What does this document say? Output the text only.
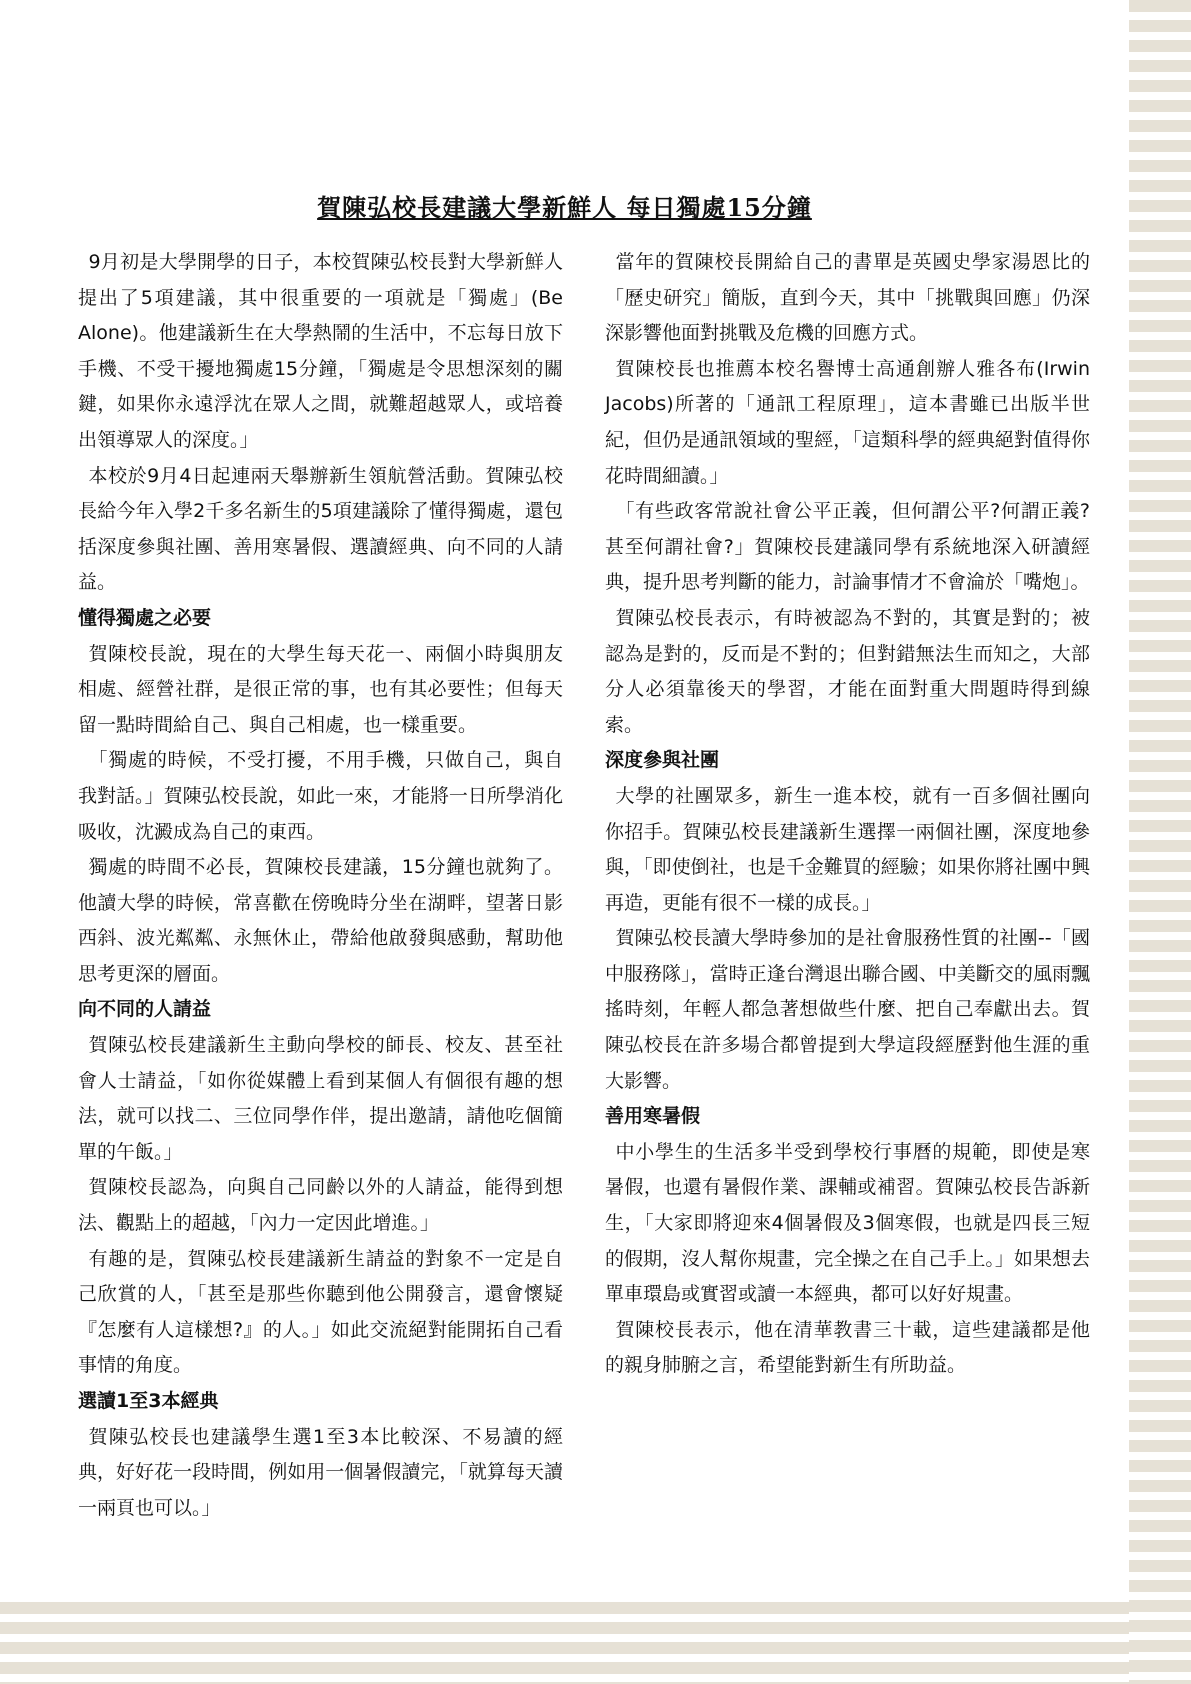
賀陳弘校長建議大學新鮮人 每日獨處15分鐘

9月初是大學開學的日子，本校賀陳弘校長對大學新鮮人提出了5項建議，其中很重要的一項就是「獨處」(Be Alone)。他建議新生在大學熱鬧的生活中，不忘每日放下手機、不受干擾地獨處15分鐘，「獨處是令思想深刻的關鍵，如果你永遠浮沈在眾人之間，就難超越眾人，或培養出領導眾人的深度。」

本校於9月4日起連兩天舉辦新生領航營活動。賀陳弘校長給今年入學2千多名新生的5項建議除了懂得獨處，還包括深度參與社團、善用寒暑假、選讀經典、向不同的人請益。

懂得獨處之必要

賀陳校長說，現在的大學生每天花一、兩個小時與朋友相處、經營社群，是很正常的事，也有其必要性；但每天留一點時間給自己、與自己相處，也一樣重要。

「獨處的時候，不受打擾，不用手機，只做自己，與自我對話。」賀陳弘校長說，如此一來，才能將一日所學消化吸收，沈澱成為自己的東西。

獨處的時間不必長，賀陳校長建議，15分鐘也就夠了。他讀大學的時候，常喜歡在傍晚時分坐在湖畔，望著日影西斜、波光粼粼、永無休止，帶給他啟發與感動，幫助他思考更深的層面。

向不同的人請益

賀陳弘校長建議新生主動向學校的師長、校友、甚至社會人士請益，「如你從媒體上看到某個人有個很有趣的想法，就可以找二、三位同學作伴，提出邀請，請他吃個簡單的午飯。」

賀陳校長認為，向與自己同齡以外的人請益，能得到想法、觀點上的超越，「內力一定因此增進。」

有趣的是，賀陳弘校長建議新生請益的對象不一定是自己欣賞的人，「甚至是那些你聽到他公開發言，還會懷疑『怎麼有人這樣想?』的人。」如此交流絕對能開拓自己看事情的角度。

選讀1至3本經典

賀陳弘校長也建議學生選1至3本比較深、不易讀的經典，好好花一段時間，例如用一個暑假讀完，「就算每天讀一兩頁也可以。」

當年的賀陳校長開給自己的書單是英國史學家湯恩比的「歷史研究」簡版，直到今天，其中「挑戰與回應」仍深深影響他面對挑戰及危機的回應方式。

賀陳校長也推薦本校名譽博士高通創辦人雅各布(Irwin Jacobs)所著的「通訊工程原理」，這本書雖已出版半世紀，但仍是通訊領域的聖經，「這類科學的經典絕對值得你花時間細讀。」

「有些政客常說社會公平正義，但何謂公平?何謂正義?甚至何謂社會?」賀陳校長建議同學有系統地深入研讀經典，提升思考判斷的能力，討論事情才不會淪於「嘴炮」。

賀陳弘校長表示，有時被認為不對的，其實是對的；被認為是對的，反而是不對的；但對錯無法生而知之，大部分人必須靠後天的學習，才能在面對重大問題時得到線索。

深度參與社團

大學的社團眾多，新生一進本校，就有一百多個社團向你招手。賀陳弘校長建議新生選擇一兩個社團，深度地參與，「即使倒社，也是千金難買的經驗；如果你將社團中興再造，更能有很不一樣的成長。」

賀陳弘校長讀大學時參加的是社會服務性質的社團--「國中服務隊」，當時正逢台灣退出聯合國、中美斷交的風雨飄搖時刻，年輕人都急著想做些什麼、把自己奉獻出去。賀陳弘校長在許多場合都曾提到大學這段經歷對他生涯的重大影響。

善用寒暑假

中小學生的生活多半受到學校行事曆的規範，即使是寒暑假，也還有暑假作業、課輔或補習。賀陳弘校長告訴新生，「大家即將迎來4個暑假及3個寒假，也就是四長三短的假期，沒人幫你規畫，完全操之在自己手上。」如果想去單車環島或實習或讀一本經典，都可以好好規畫。

賀陳校長表示，他在清華教書三十載，這些建議都是他的親身肺腑之言，希望能對新生有所助益。
